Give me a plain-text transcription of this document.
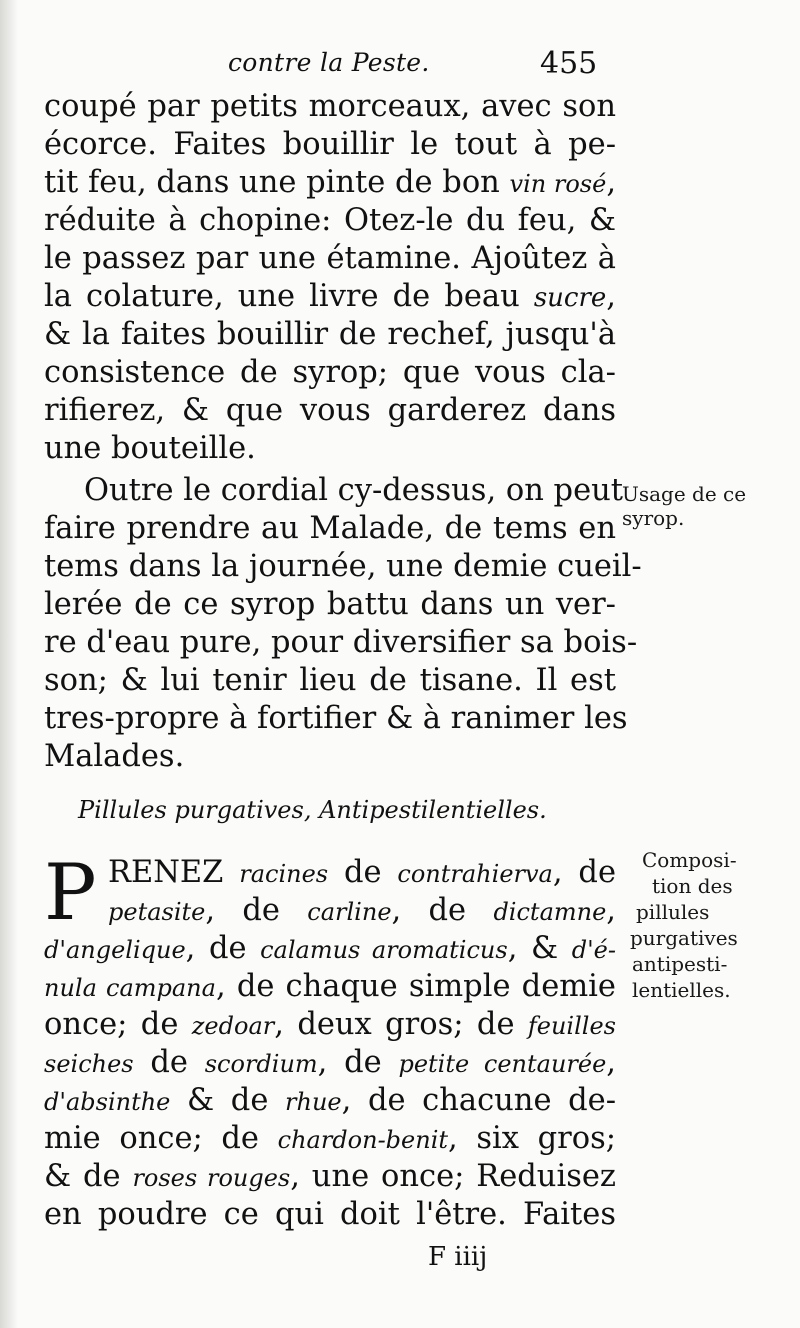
contre la Peste.	455
coupé par petits morceaux, avec son
écorce. Faites bouillir le tout à pe-
tit feu, dans une pinte de bon vin rosé,
réduite à chopine: Otez-le du feu, &
le passez par une étamine. Ajoûtez à
la colature, une livre de beau sucre,
& la faites bouillir de rechef, jusqu'à
consistence de syrop; que vous cla-
rifierez, & que vous garderez dans
une bouteille.
Outre le cordial cy-dessus, on peut
faire prendre au Malade, de tems en
tems dans la journée, une demie cueil-
lerée de ce syrop battu dans un ver-
re d'eau pure, pour diversifier sa bois-
son; & lui tenir lieu de tisane. Il est
tres-propre à fortifier & à ranimer les
Malades.
Usage de ce
syrop.
Pillules purgatives, Antipestilentielles.
P RENEZ racines de contrahierva, de
petasite, de carline, de dictamne,
d'angelique, de calamus aromaticus, & d'é-
nula campana, de chaque simple demie
once; de zedoar, deux gros; de feuilles
seiches de scordium, de petite centaurée,
d'absinthe & de rhue, de chacune de-
mie once; de chardon-benit, six gros;
& de roses rouges, une once; Reduisez
en poudre ce qui doit l'être. Faites
Composi-
tion des
pillules
purgatives
antipesti-
lentielles.
F iiij
